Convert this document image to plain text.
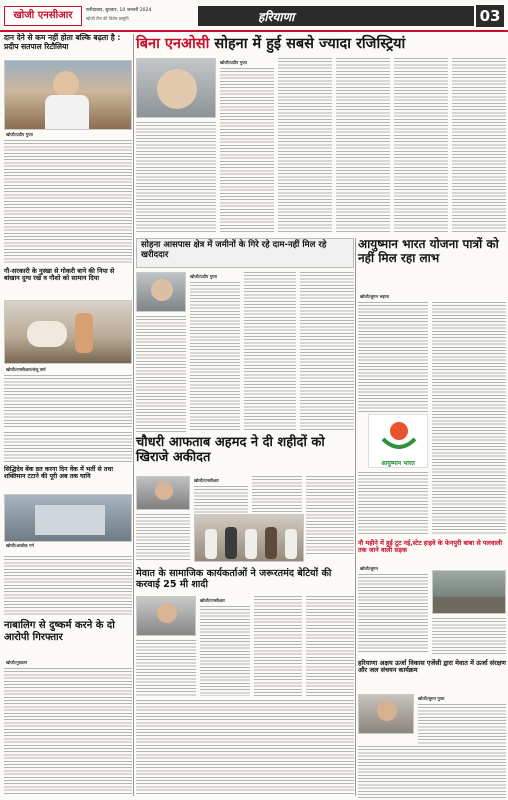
खोजी एनसीआर	फरीदाबाद, बुधवार, 10 जनवरी 2024
खोजी टीम की विशेष प्रस्तुति	हरियाणा	03
दान देने से कम नहीं होता बल्कि बढ़ता है : प्रदीप सतपाल रिटौलिया
खोजी/प्रदीप गुप्ता
गौ-सरकारी के नुस्खा से गोकरी बाने की निपा से बांखान दुग्ध रखे व गौशो को सामान दिया
खोजी/एनसीआर/संजू वर्मा
सिद्धिदेव बेंक व्रत करना दिन वेंक में भर्ती से तथा शक्तिमान टटाने की पूरी अब तक घायि
खोजी/आलोक गर्ग
बिना एनओसी सोहना में हुई सबसे ज्यादा रजिस्ट्रियां
खोजी/प्रदीप गुप्ता
सोहना आसपास क्षेत्र में जमीनों के गिरे रहे दाम-नहीं मिल रहे खरीददार
खोजी/प्रदीप गुप्ता
आयुष्मान भारत योजना पात्रों को नहीं मिल रहा लाभ
खोजी/सुमन भड़ाना
आयुष्मान भारत
चौधरी आफताब अहमद ने दी शहीदों को खिराजे अकीदत
खोजी/एनसीआर
नौ महीने में हुई टूट नई,स्टेट हाइवे के फेनपुरी बाबा से पलवाली तक जाने वाली सड़क
खोजी/सुमन
मेवात के सामाजिक कार्यकर्ताओं ने जरूरतमंद बेटियों की करवाई 25 मी शादी
खोजी/एनसीआर
हरियाणा अक्षय ऊर्जा विकास एजेंसी द्वारा मेवात में ऊर्जा संरक्षण और जल संचयन कार्यक्रम
खोजी/सुमन गुप्ता
नाबालिग से दुष्कर्म करने के दो आरोपी गिरफ्तार
खोजी/गुरुग्राम
